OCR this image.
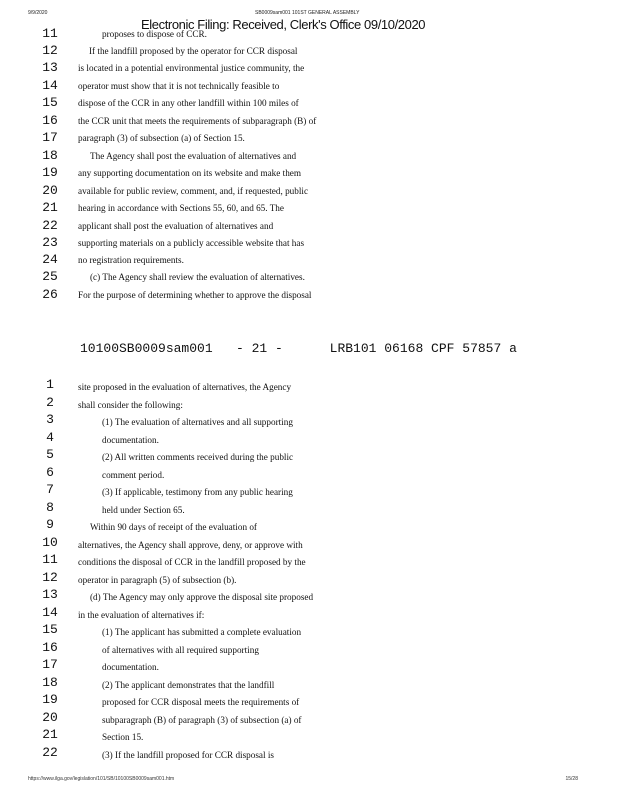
9/9/2020	SB0009sam001 101ST GENERAL ASSEMBLY
Electronic Filing: Received, Clerk's Office 09/10/2020
11	proposes to dispose of CCR.
12	If the landfill proposed by the operator for CCR disposal
13	is located in a potential environmental justice community, the
14	operator must show that it is not technically feasible to
15	dispose of the CCR in any other landfill within 100 miles of
16	the CCR unit that meets the requirements of subparagraph (B) of
17	paragraph (3) of subsection (a) of Section 15.
18	The Agency shall post the evaluation of alternatives and
19	any supporting documentation on its website and make them
20	available for public review, comment, and, if requested, public
21	hearing in accordance with Sections 55, 60, and 65. The
22	applicant shall post the evaluation of alternatives and
23	supporting materials on a publicly accessible website that has
24	no registration requirements.
25	(c) The Agency shall review the evaluation of alternatives.
26	For the purpose of determining whether to approve the disposal
10100SB0009sam001   - 21 -      LRB101 06168 CPF 57857 a
1	site proposed in the evaluation of alternatives, the Agency
2	shall consider the following:
3	(1) The evaluation of alternatives and all supporting
4	documentation.
5	(2) All written comments received during the public
6	comment period.
7	(3) If applicable, testimony from any public hearing
8	held under Section 65.
9	Within 90 days of receipt of the evaluation of
10	alternatives, the Agency shall approve, deny, or approve with
11	conditions the disposal of CCR in the landfill proposed by the
12	operator in paragraph (5) of subsection (b).
13	(d) The Agency may only approve the disposal site proposed
14	in the evaluation of alternatives if:
15	(1) The applicant has submitted a complete evaluation
16	of alternatives with all required supporting
17	documentation.
18	(2) The applicant demonstrates that the landfill
19	proposed for CCR disposal meets the requirements of
20	subparagraph (B) of paragraph (3) of subsection (a) of
21	Section 15.
22	(3) If the landfill proposed for CCR disposal is
https://www.ilga.gov/legislation/101/SB/10100SB0009sam001.htm	15/28
